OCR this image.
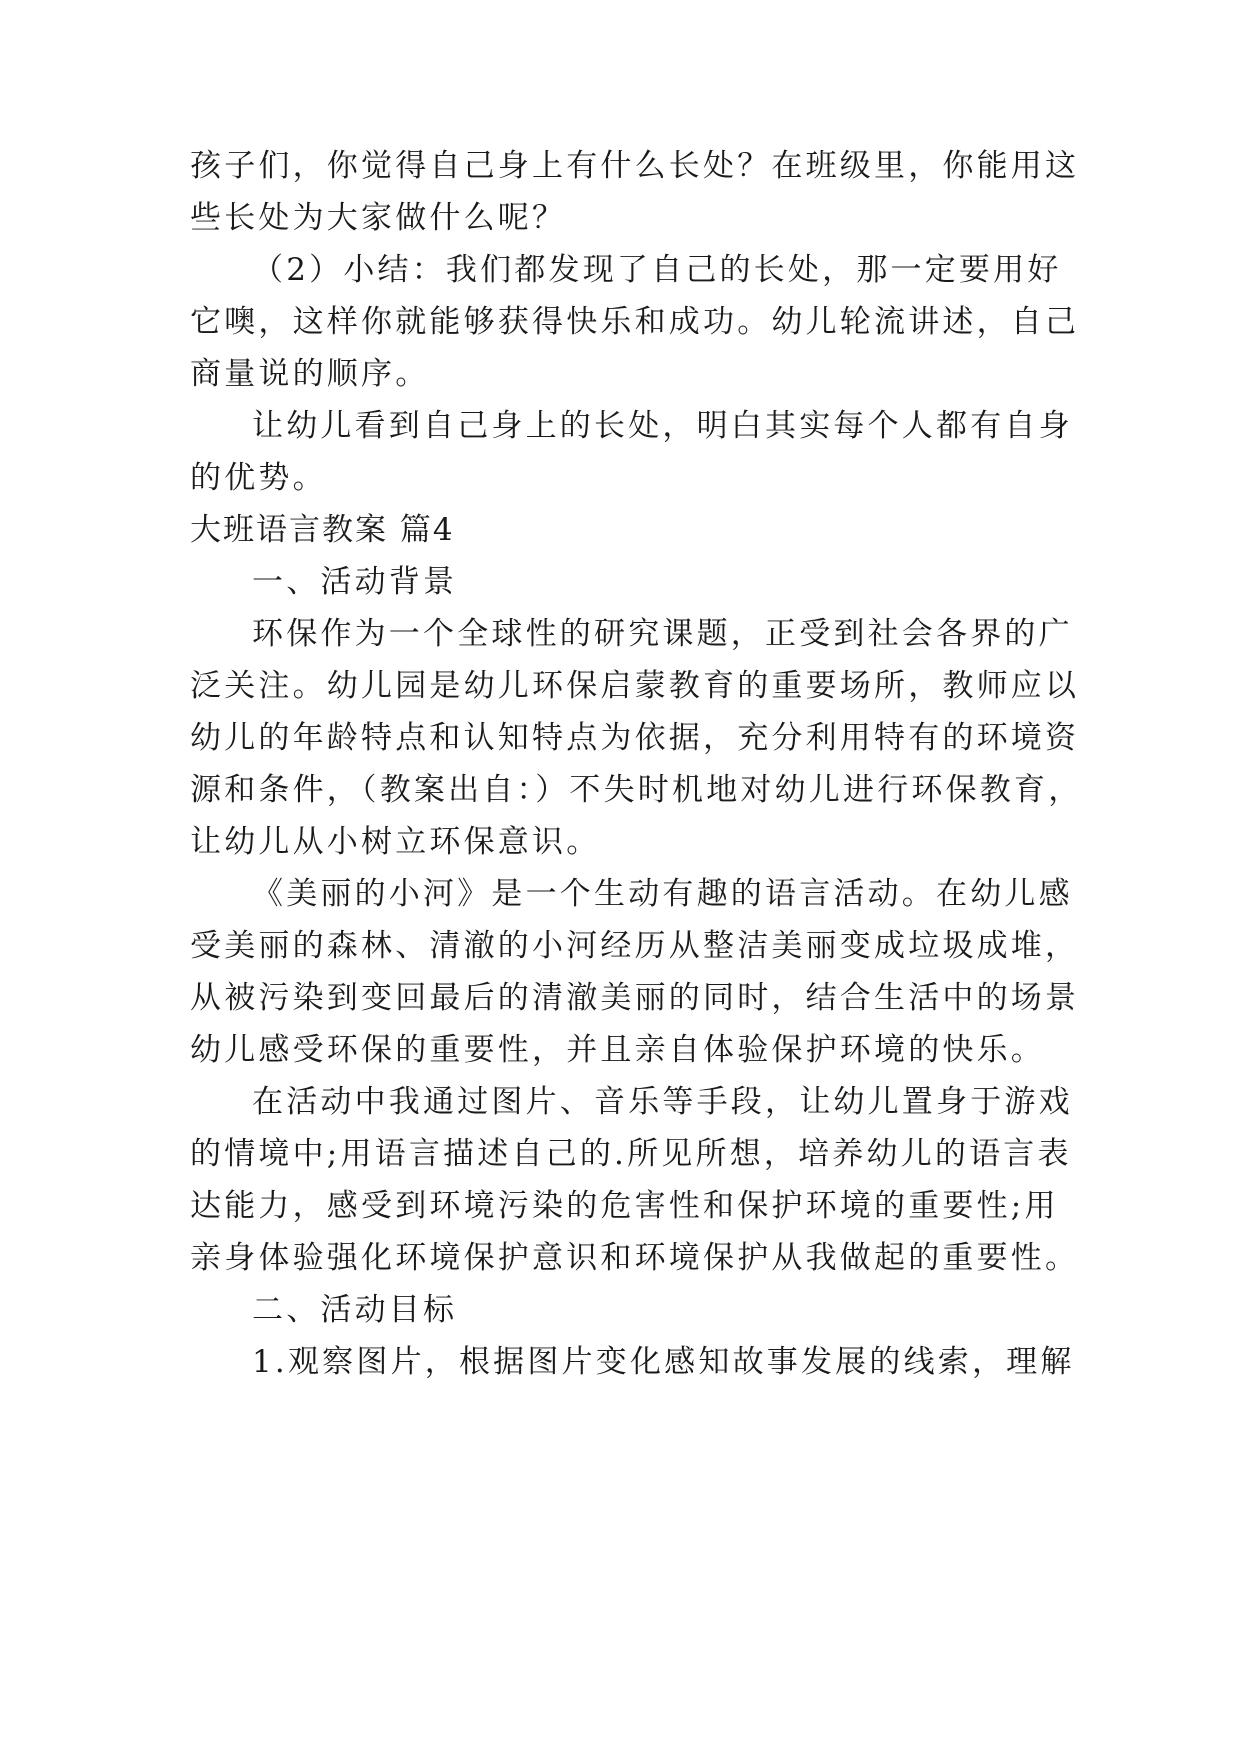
孩子们，你觉得自己身上有什么长处？在班级里，你能用这
些长处为大家做什么呢？
（2）小结：我们都发现了自己的长处，那一定要用好
它噢，这样你就能够获得快乐和成功。幼儿轮流讲述，自己
商量说的顺序。
让幼儿看到自己身上的长处，明白其实每个人都有自身
的优势。
大班语言教案 篇4
一、活动背景
环保作为一个全球性的研究课题，正受到社会各界的广
泛关注。幼儿园是幼儿环保启蒙教育的重要场所，教师应以
幼儿的年龄特点和认知特点为依据，充分利用特有的环境资
源和条件，（教案出自：）不失时机地对幼儿进行环保教育，
让幼儿从小树立环保意识。
《美丽的小河》是一个生动有趣的语言活动。在幼儿感
受美丽的森林、清澈的小河经历从整洁美丽变成垃圾成堆，
从被污染到变回最后的清澈美丽的同时，结合生活中的场景
幼儿感受环保的重要性，并且亲自体验保护环境的快乐。
在活动中我通过图片、音乐等手段，让幼儿置身于游戏
的情境中;用语言描述自己的.所见所想，培养幼儿的语言表
达能力，感受到环境污染的危害性和保护环境的重要性;用
亲身体验强化环境保护意识和环境保护从我做起的重要性。
二、活动目标
1.观察图片，根据图片变化感知故事发展的线索，理解
